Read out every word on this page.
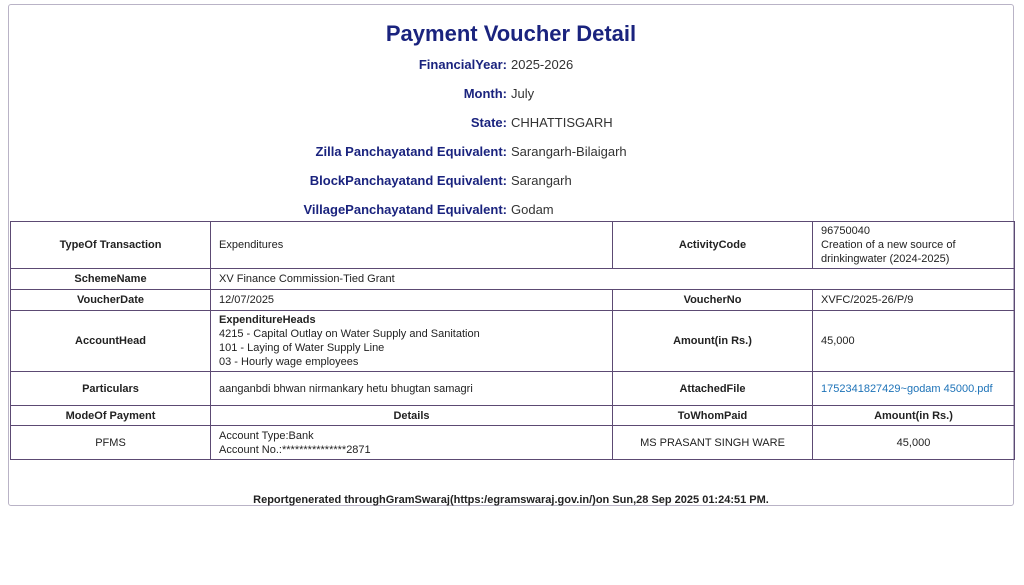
Payment Voucher Detail
FinancialYear: 2025-2026
Month: July
State: CHHATTISGARH
Zilla Panchayatand Equivalent: Sarangarh-Bilaigarh
BlockPanchayatand Equivalent: Sarangarh
VillagePanchayatand Equivalent: Godam
Reportgenerated throughGramSwaraj(https:/egramswaraj.gov.in/)on Sun,28 Sep 2025 01:24:51 PM.
TypeOf Transaction	Expenditures	ActivityCode	96750040
Creation of a new source of drinkingwater (2024-2025)

SchemeName	XV Finance Commission-Tied Grant		
VoucherDate	12/07/2025	VoucherNo	XVFC/2025-26/P/9
AccountHead	ExpenditureHeads
4215 - Capital Outlay on Water Supply and Sanitation
101 - Laying of Water Supply Line
03 - Hourly wage employees	Amount(in Rs.)	45,000
Particulars	aanganbdi bhwan nirmankary hetu bhugtan samagri	AttachedFile	1752341827429~godam 45000.pdf
ModeOf Payment	Details	ToWhomPaid	Amount(in Rs.)
PFMS	Account Type:Bank
Account No.:***************2871	MS PRASANT SINGH WARE	45,000
